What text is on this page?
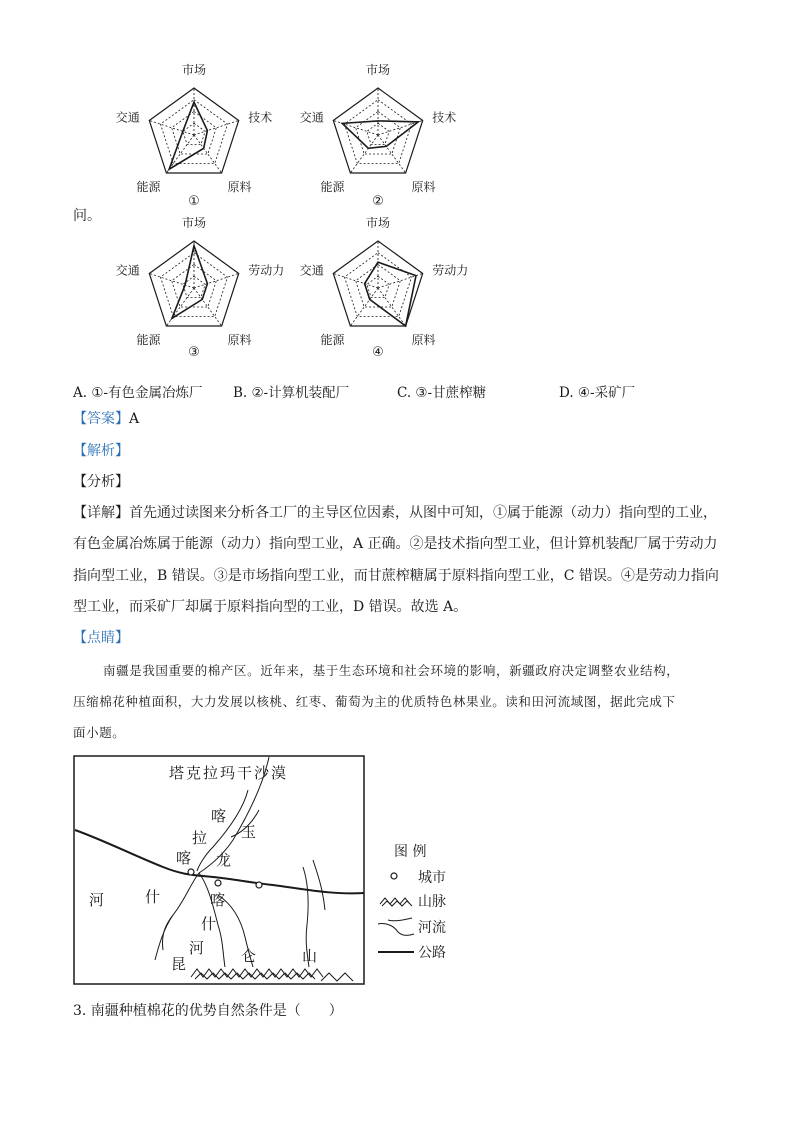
市场
技术
原料
能源
交通
①
市场
技术
原料
能源
交通
②
市场
劳动力
原料
能源
交通
③
市场
劳动力
原料
能源
交通
④
问。
A. ①-有色金属冶炼厂 B. ②-计算机装配厂	C. ③-甘蔗榨糖	D. ④-采矿厂
【答案】A
【解析】
【分析】
【详解】首先通过读图来分析各工厂的主导区位因素，从图中可知，①属于能源（动力）指向型的工业，
有色金属冶炼属于能源（动力）指向型工业，A 正确。②是技术指向型工业，但计算机装配厂属于劳动力
指向型工业，B 错误。③是市场指向型工业，而甘蔗榨糖属于原料指向型工业，C 错误。④是劳动力指向
型工业，而采矿厂却属于原料指向型的工业，D 错误。故选 A。
【点睛】
南疆是我国重要的棉产区。近年来，基于生态环境和社会环境的影响，新疆政府决定调整农业结构，
压缩棉花种植面积，大力发展以核桃、红枣、葡萄为主的优质特色林果业。读和田河流域图，据此完成下
面小题。
塔克拉玛干沙漠
喀
拉 玉
喀 龙
河	什	喀
什
河
昆	仑	山
图 例
城市
山脉
河流
公路
3. 南疆种植棉花的优势自然条件是（　　）
